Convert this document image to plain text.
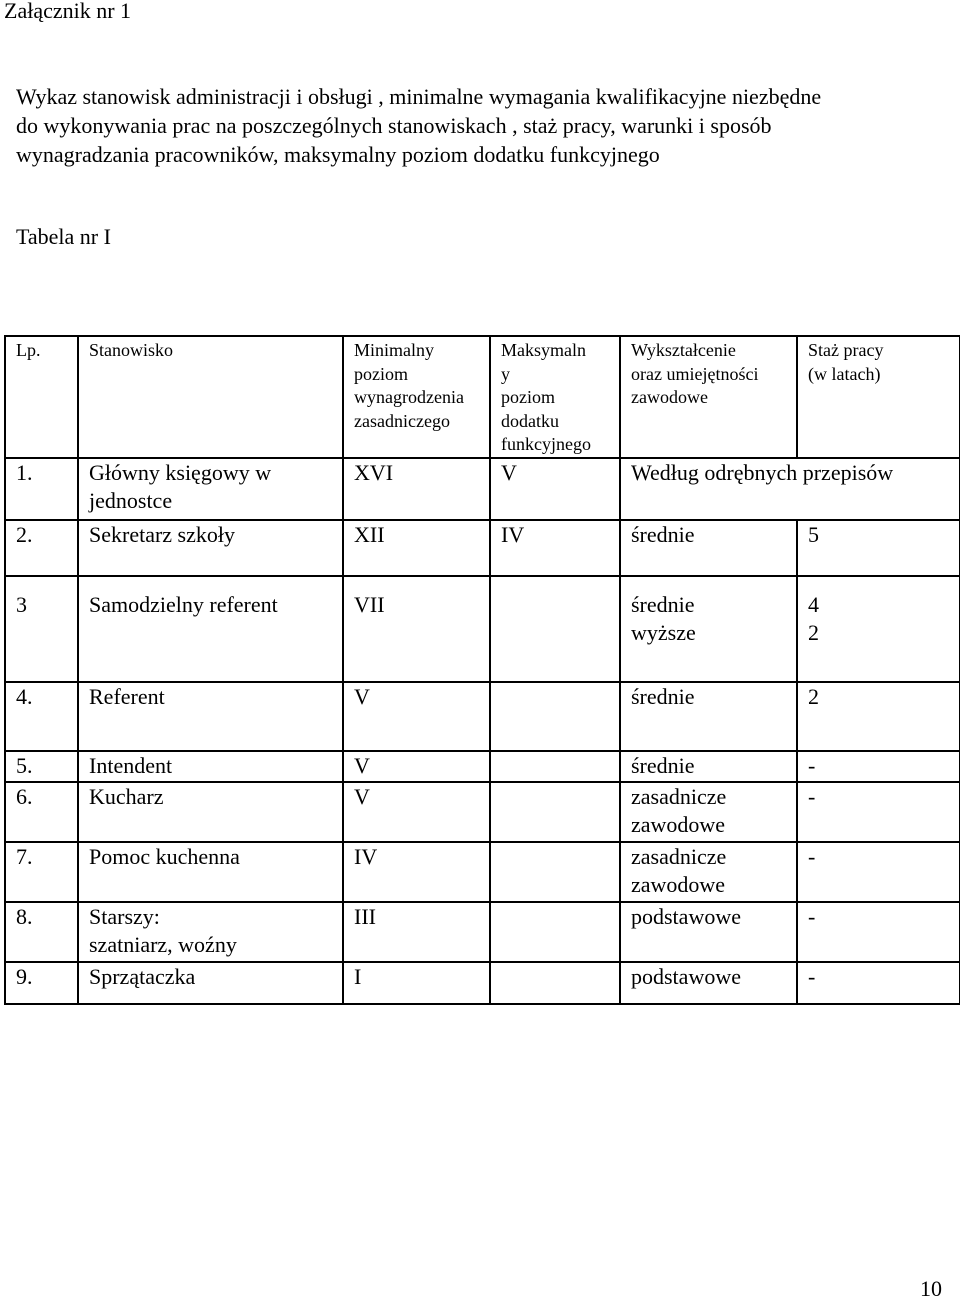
Załącznik nr 1
Wykaz stanowisk administracji i obsługi , minimalne wymagania kwalifikacyjne niezbędne
do wykonywania prac na poszczególnych stanowiskach , staż pracy, warunki i sposób
wynagradzania pracowników, maksymalny poziom dodatku funkcyjnego
Tabela nr I
Lp.	Stanowisko	Minimalny
poziom
wynagrodzenia
zasadniczego	Maksymaln
y
poziom
dodatku
funkcyjnego	Wykształcenie
oraz umiejętności
zawodowe	Staż pracy
(w latach)

1.	Główny księgowy w
jednostce	XVI	V	Według odrębnych przepisów	
2.	Sekretarz szkoły	XII	IV	średnie	5

3	Samodzielny referent	VII		średnie
wyższe	4
2

4.	Referent	V		średnie	2

5.	Intendent	V		średnie	-

6.	Kucharz	V		zasadnicze
zawodowe	-

7.	Pomoc kuchenna	IV		zasadnicze
zawodowe	-

8.	Starszy:
szatniarz, woźny	III		podstawowe	-

9.	Sprzątaczka	I		podstawowe	-
10
